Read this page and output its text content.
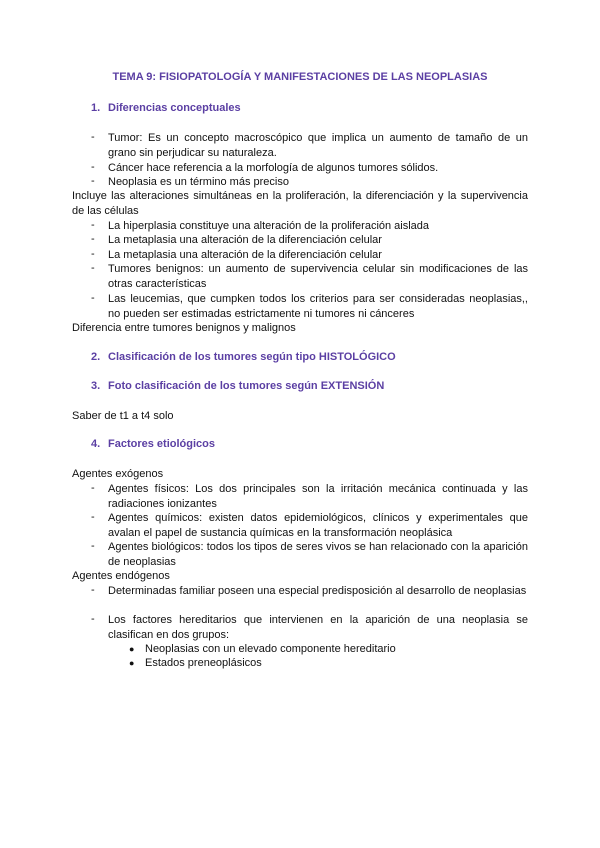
TEMA 9: FISIOPATOLOGÍA Y MANIFESTACIONES DE LAS NEOPLASIAS
1. Diferencias conceptuales
- Tumor: Es un concepto macroscópico que implica un aumento de tamaño de un grano sin perjudicar su naturaleza.
- Cáncer hace referencia a la morfología de algunos tumores sólidos.
- Neoplasia es un término más preciso
Incluye las alteraciones simultáneas en la proliferación, la diferenciación y la supervivencia de las células
- La hiperplasia constituye una alteración de la proliferación aislada
- La metaplasia una alteración de la diferenciación celular
- La metaplasia una alteración de la diferenciación celular
- Tumores benignos: un aumento de supervivencia celular sin modificaciones de las otras características
- Las leucemias, que cumpken todos los criterios para ser consideradas neoplasias,, no pueden ser estimadas estrictamente ni tumores ni cánceres
Diferencia entre tumores benignos y malignos
2. Clasificación de los tumores según tipo HISTOLÓGICO
3. Foto clasificación de los tumores según EXTENSIÓN
Saber de t1 a t4 solo
4. Factores etiológicos
Agentes exógenos
- Agentes físicos: Los dos principales son la irritación mecánica continuada y las radiaciones ionizantes
- Agentes químicos: existen datos epidemiológicos, clínicos y experimentales que avalan el papel de sustancia químicas en la transformación neoplásica
- Agentes biológicos: todos los tipos de seres vivos se han relacionado con la aparición de neoplasias
Agentes endógenos
- Determinadas familiar poseen una especial predisposición al desarrollo de neoplasias
- Los factores hereditarios que intervienen en la aparición de una neoplasia se clasifican en dos grupos:
● Neoplasias con un elevado componente hereditario
● Estados preneoplásicos
